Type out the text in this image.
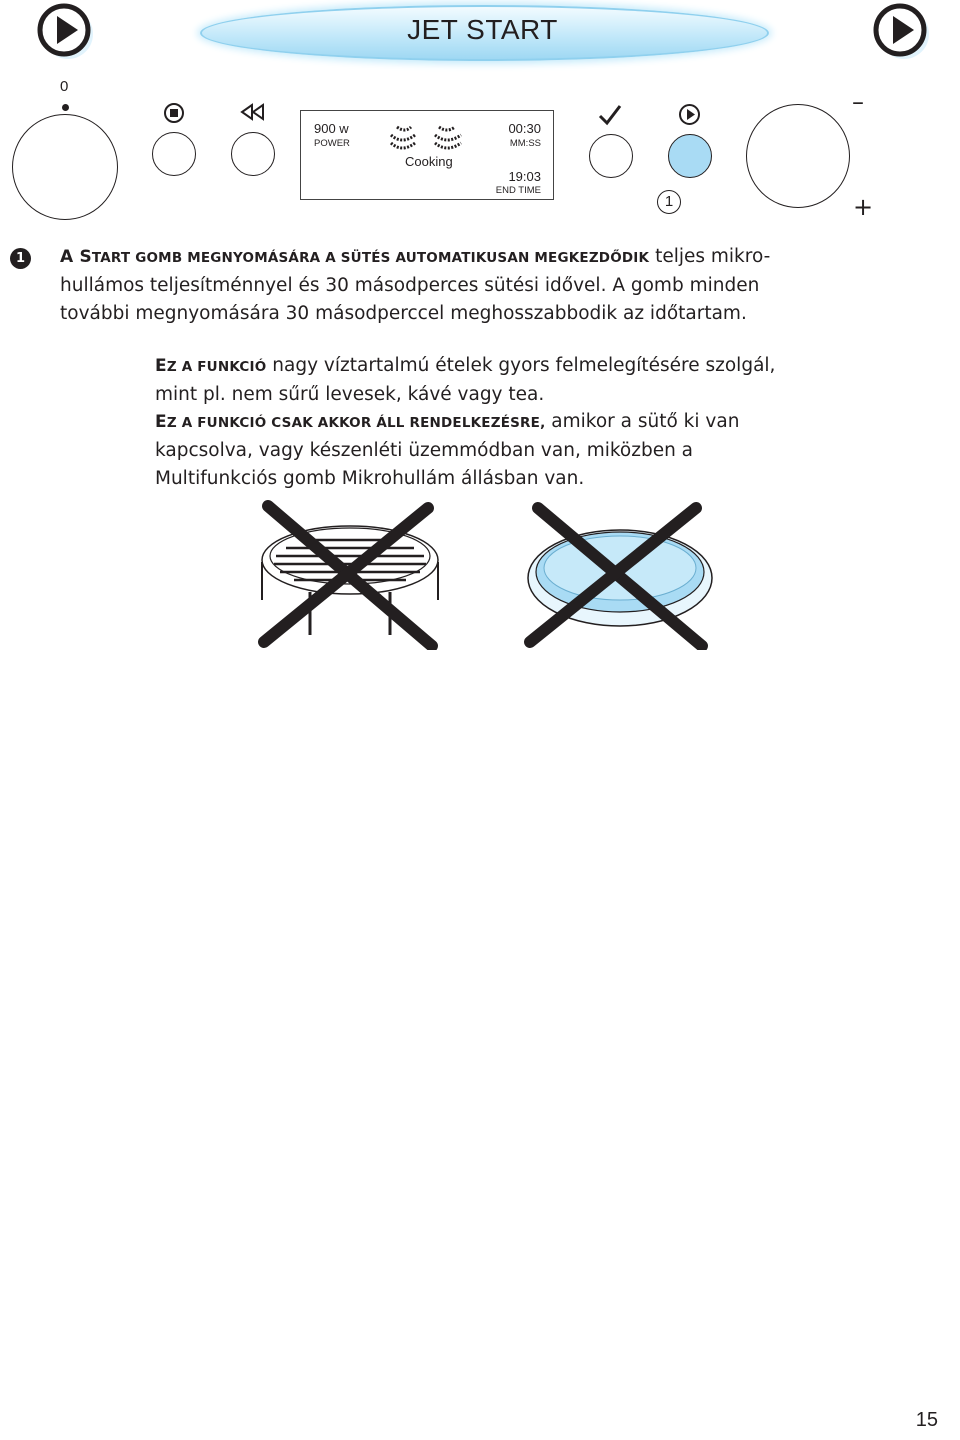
JET START
0
900 w
POWER
Cooking
00:30
MM:SS
19:03
END TIME
1
–
+
1	A START GOMB MEGNYOMÁSÁRA A SÜTÉS AUTOMATIKUSAN MEGKEZDŐDIK teljes mikro-hullámos teljesítménnyel és 30 másodperces sütési idővel. A gomb minden további megnyomására 30 másodperccel meghosszabbodik az időtartam.
EZ A FUNKCIÓ nagy víztartalmú ételek gyors felmelegítésére szolgál, mint pl. nem sűrű levesek, kávé vagy tea.
EZ A FUNKCIÓ CSAK AKKOR ÁLL RENDELKEZÉSRE, amikor a sütő ki van kapcsolva, vagy készenléti üzemmódban van, miközben a Multifunkciós gomb Mikrohullám állásban van.
15
